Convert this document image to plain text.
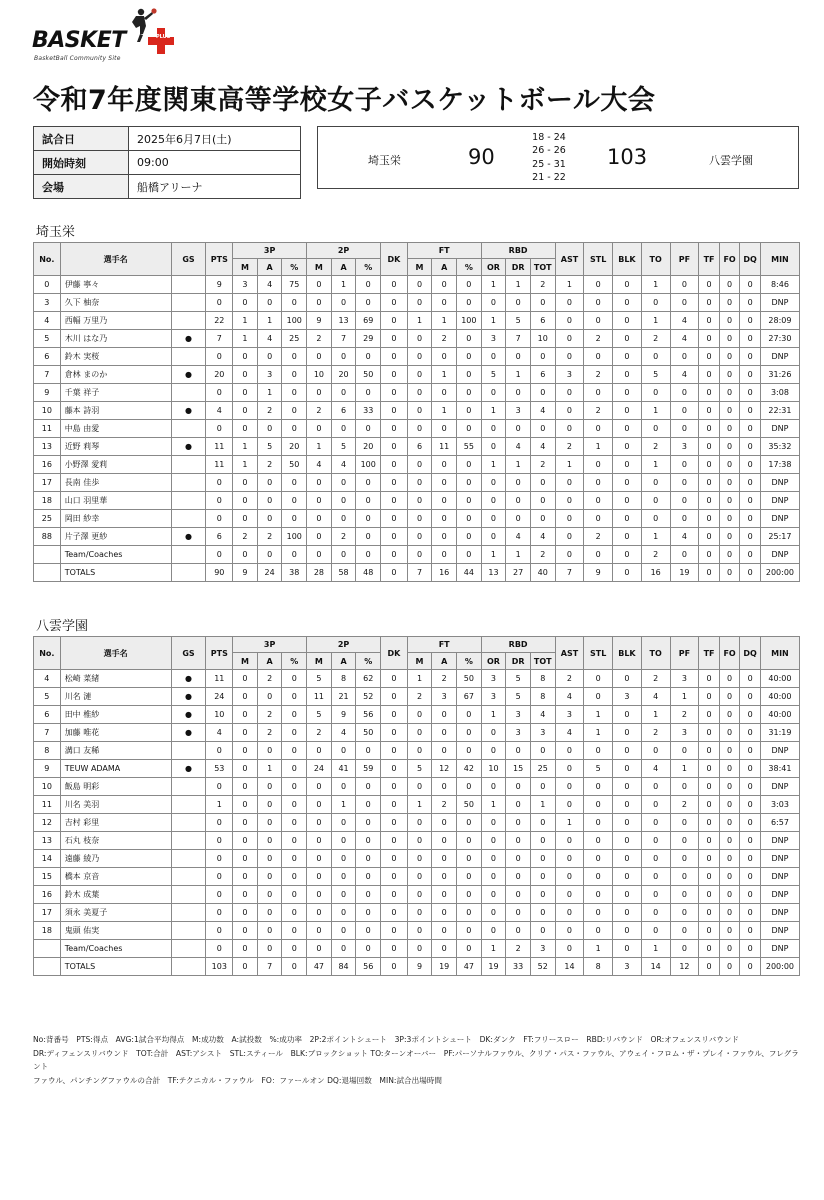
BASKET	PLUS
BasketBall Community Site
令和7年度関東高等学校女子バスケットボール大会
試合日	2025年6月7日(土)
開始時刻	09:00
会場	船橋アリーナ
埼玉栄	90
18 - 24
26 - 26
25 - 31
21 - 22
103	八雲学園
埼玉栄
No.	選手名	GS	PTS	3P			2P			DK	FT			RBD			AST	STL	BLK	TO	PF	TF	FO	DQ	MIN
				M	A	%	M	A	%		M	A	%	OR	DR	TOT									
0	伊藤 寧々		9	3	4	75	0	1	0	0	0	0	0	1	1	2	1	0	0	1	0	0	0	0	8:46
3	久下 柚奈		0	0	0	0	0	0	0	0	0	0	0	0	0	0	0	0	0	0	0	0	0	0	DNP
4	西幅 万里乃		22	1	1	100	9	13	69	0	1	1	100	1	5	6	0	0	0	1	4	0	0	0	28:09
5	木川 はな乃	●	7	1	4	25	2	7	29	0	0	2	0	3	7	10	0	2	0	2	4	0	0	0	27:30
6	鈴木 実桜		0	0	0	0	0	0	0	0	0	0	0	0	0	0	0	0	0	0	0	0	0	0	DNP
7	倉林 まのか	●	20	0	3	0	10	20	50	0	0	1	0	5	1	6	3	2	0	5	4	0	0	0	31:26
9	千葉 祥子		0	0	1	0	0	0	0	0	0	0	0	0	0	0	0	0	0	0	0	0	0	0	3:08
10	藤本 詩羽	●	4	0	2	0	2	6	33	0	0	1	0	1	3	4	0	2	0	1	0	0	0	0	22:31
11	中島 由愛		0	0	0	0	0	0	0	0	0	0	0	0	0	0	0	0	0	0	0	0	0	0	DNP
13	近野 莉琴	●	11	1	5	20	1	5	20	0	6	11	55	0	4	4	2	1	0	2	3	0	0	0	35:32
16	小野澤 愛莉		11	1	2	50	4	4	100	0	0	0	0	1	1	2	1	0	0	1	0	0	0	0	17:38
17	長南 佳歩		0	0	0	0	0	0	0	0	0	0	0	0	0	0	0	0	0	0	0	0	0	0	DNP
18	山口 羽里華		0	0	0	0	0	0	0	0	0	0	0	0	0	0	0	0	0	0	0	0	0	0	DNP
25	岡田 紗幸		0	0	0	0	0	0	0	0	0	0	0	0	0	0	0	0	0	0	0	0	0	0	DNP
88	片子澤 更紗	●	6	2	2	100	0	2	0	0	0	0	0	0	4	4	0	2	0	1	4	0	0	0	25:17
	Team/Coaches		0	0	0	0	0	0	0	0	0	0	0	1	1	2	0	0	0	2	0	0	0	0	DNP
	TOTALS		90	9	24	38	28	58	48	0	7	16	44	13	27	40	7	9	0	16	19	0	0	0	200:00
八雲学園
No.	選手名	GS	PTS	3P			2P			DK	FT			RBD			AST	STL	BLK	TO	PF	TF	FO	DQ	MIN
				M	A	%	M	A	%		M	A	%	OR	DR	TOT									
4	松崎 菜緒	●	11	0	2	0	5	8	62	0	1	2	50	3	5	8	2	0	0	2	3	0	0	0	40:00
5	川名 漣	●	24	0	0	0	11	21	52	0	2	3	67	3	5	8	4	0	3	4	1	0	0	0	40:00
6	田中 椎紗	●	10	0	2	0	5	9	56	0	0	0	0	1	3	4	3	1	0	1	2	0	0	0	40:00
7	加藤 唯花	●	4	0	2	0	2	4	50	0	0	0	0	0	3	3	4	1	0	2	3	0	0	0	31:19
8	溝口 友稀		0	0	0	0	0	0	0	0	0	0	0	0	0	0	0	0	0	0	0	0	0	0	DNP
9	TEUW ADAMA	●	53	0	1	0	24	41	59	0	5	12	42	10	15	25	0	5	0	4	1	0	0	0	38:41
10	飯島 明彩		0	0	0	0	0	0	0	0	0	0	0	0	0	0	0	0	0	0	0	0	0	0	DNP
11	川名 美羽		1	0	0	0	0	1	0	0	1	2	50	1	0	1	0	0	0	0	2	0	0	0	3:03
12	吉村 彩里		0	0	0	0	0	0	0	0	0	0	0	0	0	0	1	0	0	0	0	0	0	0	6:57
13	石丸 枝奈		0	0	0	0	0	0	0	0	0	0	0	0	0	0	0	0	0	0	0	0	0	0	DNP
14	遠藤 綾乃		0	0	0	0	0	0	0	0	0	0	0	0	0	0	0	0	0	0	0	0	0	0	DNP
15	橋本 京音		0	0	0	0	0	0	0	0	0	0	0	0	0	0	0	0	0	0	0	0	0	0	DNP
16	鈴木 成葉		0	0	0	0	0	0	0	0	0	0	0	0	0	0	0	0	0	0	0	0	0	0	DNP
17	須永 美夏子		0	0	0	0	0	0	0	0	0	0	0	0	0	0	0	0	0	0	0	0	0	0	DNP
18	鬼頭 佑実		0	0	0	0	0	0	0	0	0	0	0	0	0	0	0	0	0	0	0	0	0	0	DNP
	Team/Coaches		0	0	0	0	0	0	0	0	0	0	0	1	2	3	0	1	0	1	0	0	0	0	DNP
	TOTALS		103	0	7	0	47	84	56	0	9	19	47	19	33	52	14	8	3	14	12	0	0	0	200:00
No:背番号　PTS:得点　AVG:1試合平均得点　M:成功数　A:試投数　%:成功率　2P:2ポイントシュート　3P:3ポイントシュート　DK:ダンク　FT:フリースロー　RBD:リバウンド　OR:オフェンスリバウンド
DR:ディフェンスリバウンド　TOT:合計　AST:アシスト　STL:スティール　BLK:ブロックショット TO:ターンオーバー　PF:パーソナルファウル、クリア・パス・ファウル、アウェイ・フロム・ザ・プレイ・ファウル、フレグラント
ファウル、パンチングファウルの合計　TF:テクニカル・ファウル　FO：ファールオン DQ:退場回数　MIN:試合出場時間
